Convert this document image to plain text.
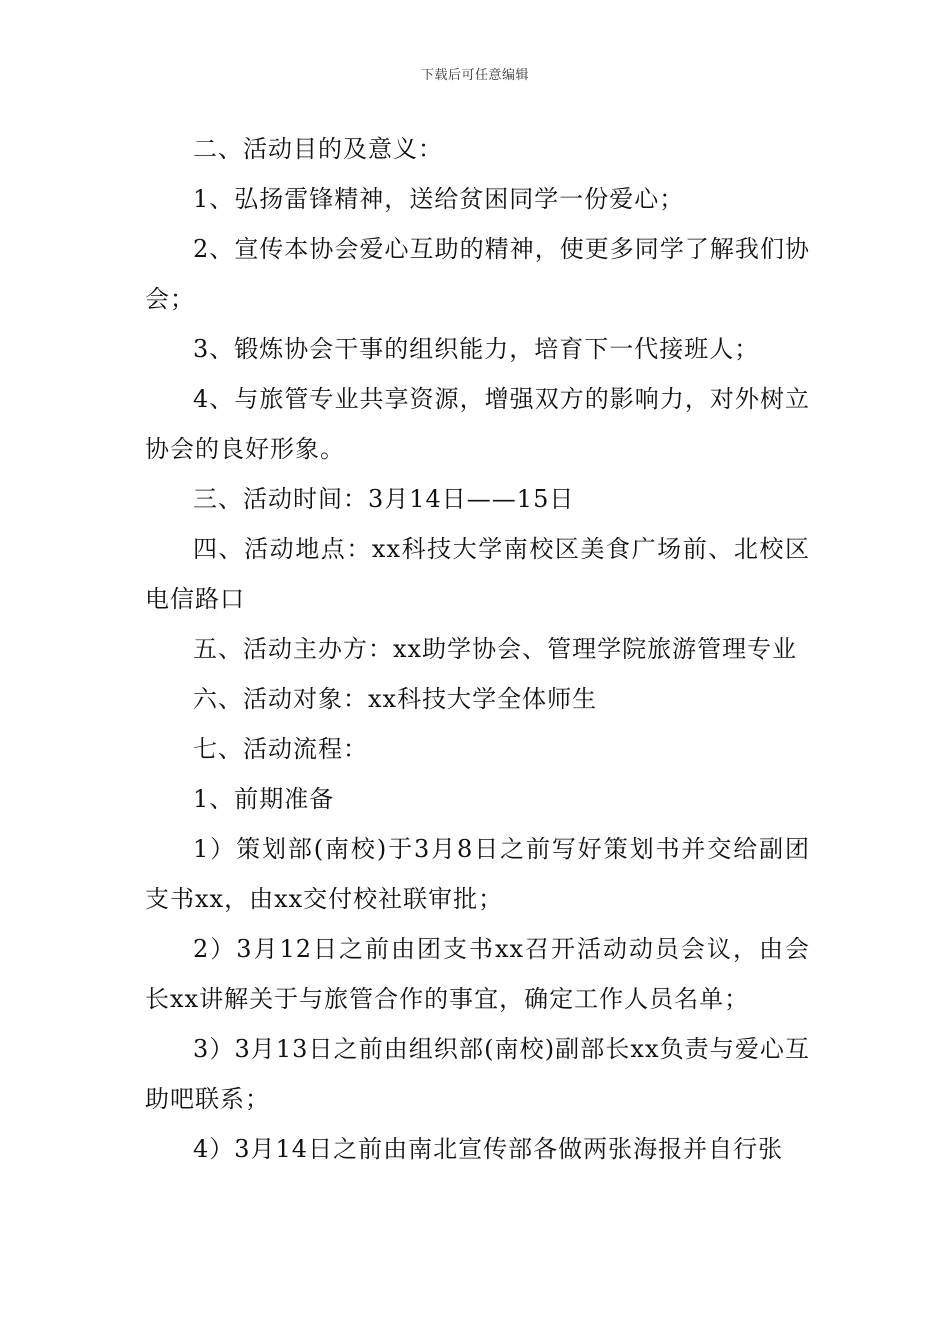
下载后可任意编辑

二、活动目的及意义：

1、弘扬雷锋精神，送给贫困同学一份爱心；

2、宣传本协会爱心互助的精神，使更多同学了解我们协会；

3、锻炼协会干事的组织能力，培育下一代接班人；

4、与旅管专业共享资源，增强双方的影响力，对外树立协会的良好形象。

三、活动时间：3月14日——15日

四、活动地点：xx科技大学南校区美食广场前、北校区电信路口

五、活动主办方：xx助学协会、管理学院旅游管理专业

六、活动对象：xx科技大学全体师生

七、活动流程：

1、前期准备

1）策划部(南校)于3月8日之前写好策划书并交给副团支书xx，由xx交付校社联审批；

2）3月12日之前由团支书xx召开活动动员会议，由会长xx讲解关于与旅管合作的事宜，确定工作人员名单；

3）3月13日之前由组织部(南校)副部长xx负责与爱心互助吧联系；

4）3月14日之前由南北宣传部各做两张海报并自行张
